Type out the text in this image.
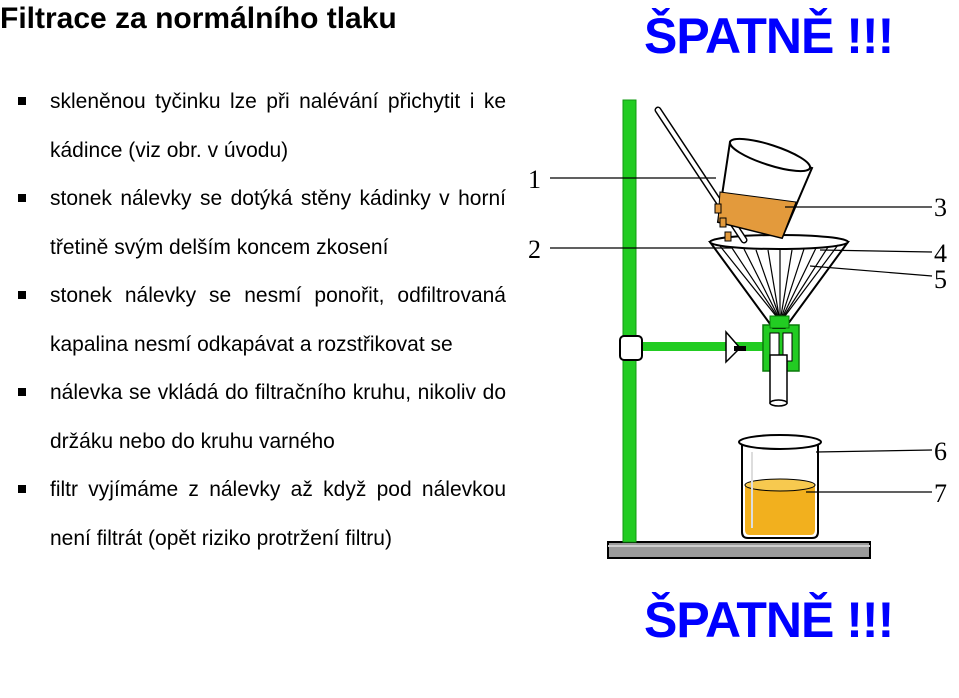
Filtrace za normálního tlaku
skleněnou tyčinku lze při nalévání přichytit i ke kádince (viz obr. v úvodu)
stonek nálevky se dotýká stěny kádinky v horní třetině svým delším koncem zkosení
stonek nálevky se nesmí ponořit, odfiltrovaná kapalina nesmí odkapávat a rozstřikovat se
nálevka se vkládá do filtračního kruhu, nikoliv do držáku nebo do kruhu varného
filtr vyjímáme z nálevky až když pod nálevkou není filtrát (opět riziko protržení filtru)
ŠPATNĚ !!!
ŠPATNĚ !!!
1
2
3
4
5
6
7
